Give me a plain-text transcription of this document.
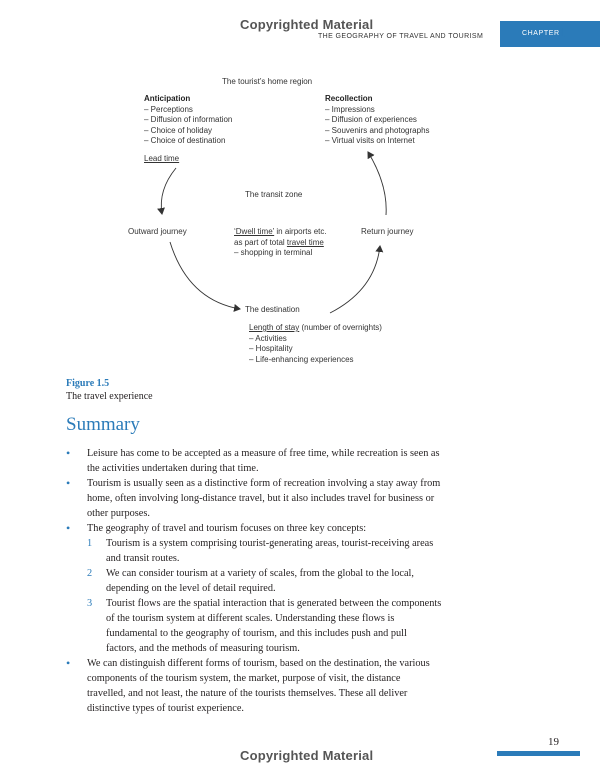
Copyrighted Material
THE GEOGRAPHY OF TRAVEL AND TOURISM	CHAPTER
1
The tourist’s home region
Anticipation
– Perceptions
– Diffusion of information
– Choice of holiday
– Choice of destination
Lead time
Recollection
– Impressions
– Diffusion of experiences
– Souvenirs and photographs
– Virtual visits on Internet
The transit zone
Outward journey	Return journey
‘Dwell time’ in airports etc.
as part of total travel time
– shopping in terminal
The destination
Length of stay (number of overnights)
– Activities
– Hospitality
– Life-enhancing experiences
Figure 1.5
The travel experience
Summary
• Leisure has come to be accepted as a measure of free time, while recreation is seen as
the activities undertaken during that time.
• Tourism is usually seen as a distinctive form of recreation involving a stay away from
home, often involving long-distance travel, but it also includes travel for business or
other purposes.
• The geography of travel and tourism focuses on three key concepts:
1 Tourism is a system comprising tourist-generating areas, tourist-receiving areas
and transit routes.
2 We can consider tourism at a variety of scales, from the global to the local,
depending on the level of detail required.
3 Tourist flows are the spatial interaction that is generated between the components
of the tourism system at different scales. Understanding these flows is
fundamental to the geography of tourism, and this includes push and pull
factors, and the methods of measuring tourism.
• We can distinguish different forms of tourism, based on the destination, the various
components of the tourism system, the market, purpose of visit, the distance
travelled, and not least, the nature of the tourists themselves. These all deliver
distinctive types of tourist experience.
19
Copyrighted Material
